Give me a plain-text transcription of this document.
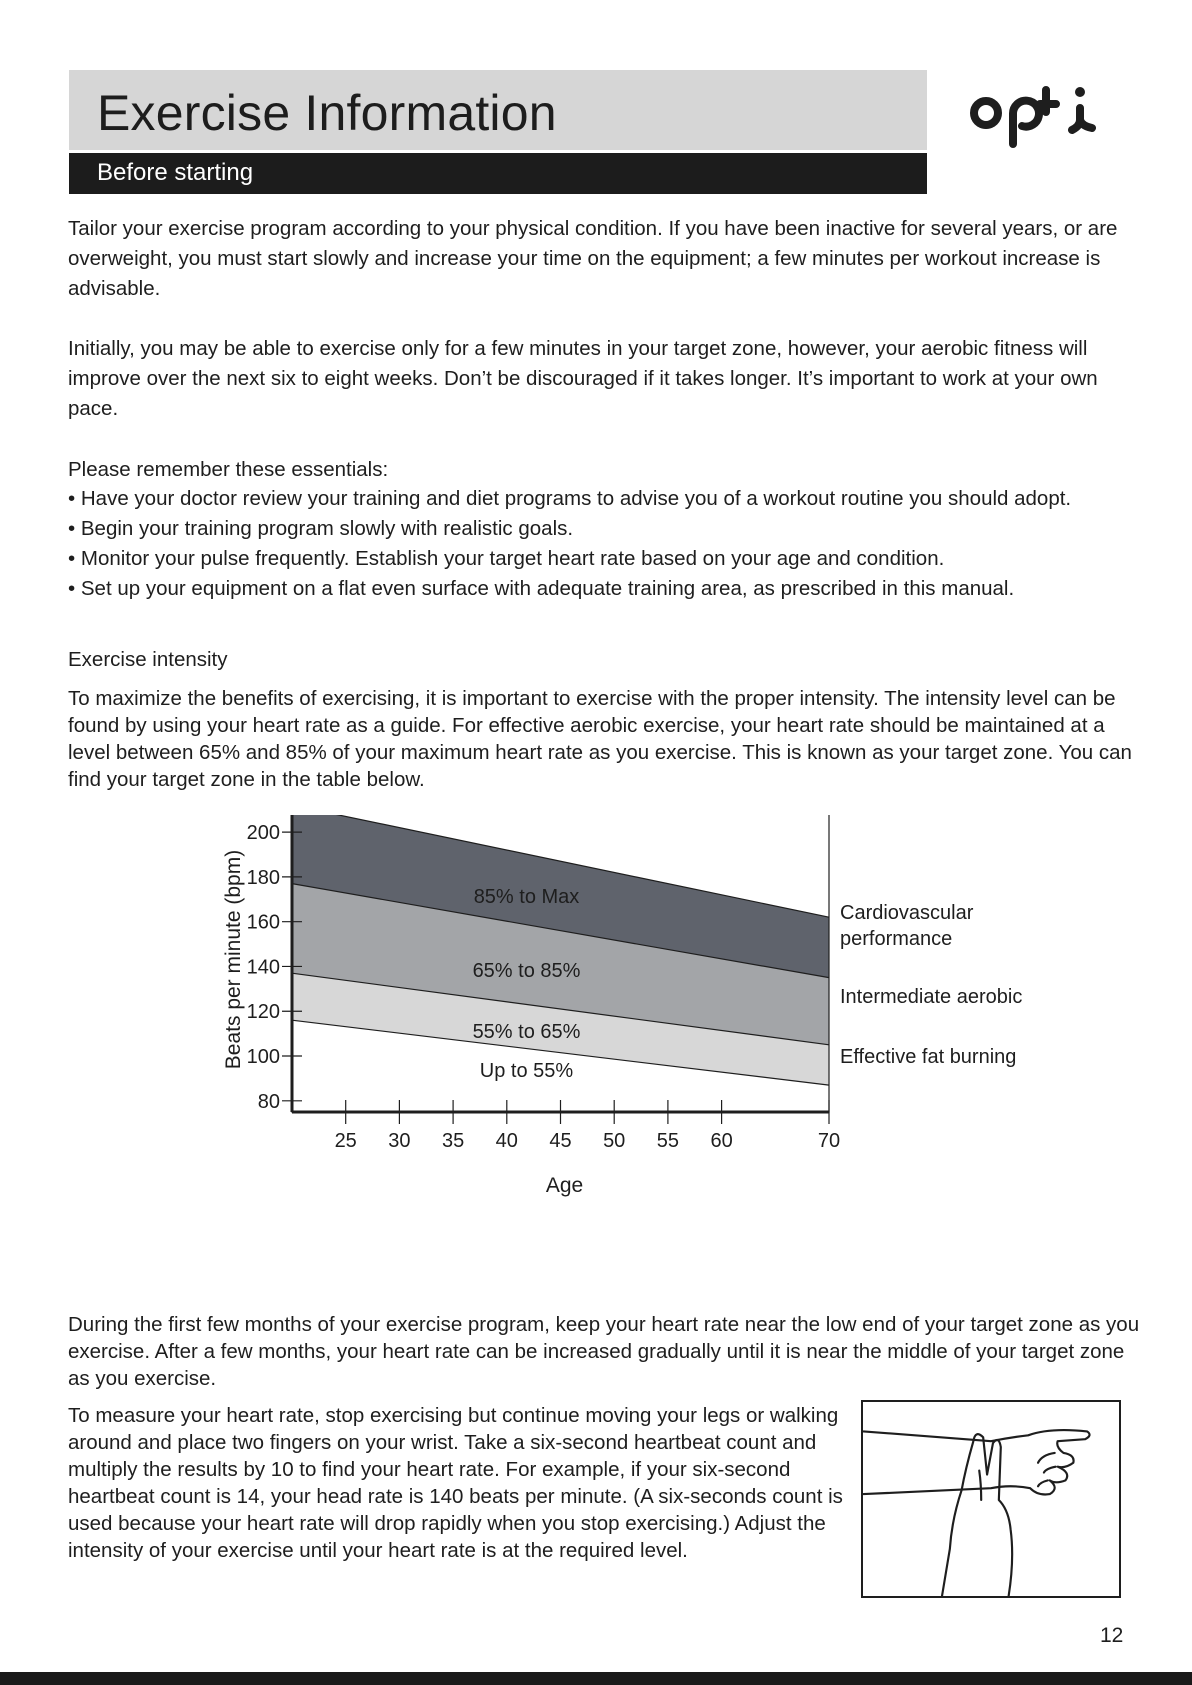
Exercise Information
Before starting

Tailor your exercise program according to your physical condition. If you have been inactive for several years, or are overweight, you must start slowly and increase your time on the equipment; a few minutes per workout increase is advisable.

Initially, you may be able to exercise only for a few minutes in your target zone, however, your aerobic fitness will improve over the next six to eight weeks. Don’t be discouraged if it takes longer. It’s important to work at your own pace.

Please remember these essentials:

• Have your doctor review your training and diet programs to advise you of a workout routine you should adopt.
• Begin your training program slowly with realistic goals.
• Monitor your pulse frequently. Establish your target heart rate based on your age and condition.
• Set up your equipment on a flat even surface with adequate training area, as prescribed in this manual.

Exercise intensity

To maximize the benefits of exercising, it is important to exercise with the proper intensity. The intensity level can be found by using your heart rate as a guide. For effective aerobic exercise, your heart rate should be maintained at a level between 65% and 85% of your maximum heart rate as you exercise. This is known as your target zone. You can find your target zone in the table below.

80
100
120
140
160
180
200
25 30 35 40 45 50 55 60	70
Age
Beats per minute (bpm)
Up to 55%
55% to 65%
65% to 85%
85% to Max
Cardiovascular
performance
Intermediate aerobic
Effective fat burning

During the first few months of your exercise program, keep your heart rate near the low end of your target zone as you exercise. After a few months, your heart rate can be increased gradually until it is near the middle of your target zone as you exercise.

To measure your heart rate, stop exercising but continue moving your legs or walking around and place two fingers on your wrist. Take a six-second heartbeat count and multiply the results by 10 to find your heart rate. For example, if your six-second heartbeat count is 14, your head rate is 140 beats per minute. (A six-seconds count is used because your heart rate will drop rapidly when you stop exercising.) Adjust the intensity of your exercise until your heart rate is at the required level.

12
